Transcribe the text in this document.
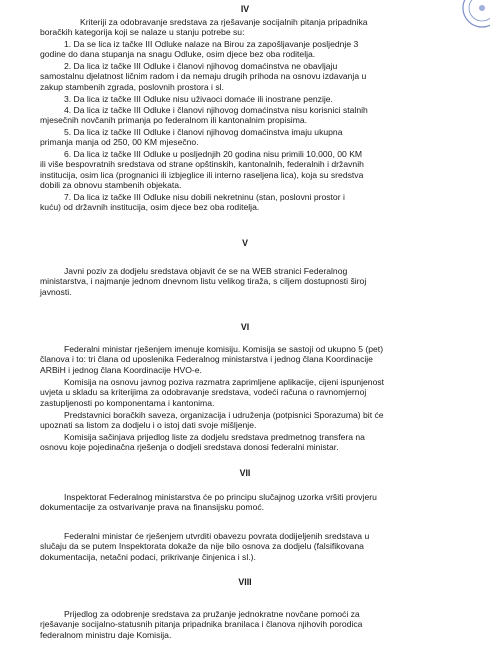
IV
Kriteriji za odobravanje sredstava za rješavanje socijalnih pitanja pripadnika
boračkih kategorija koji se nalaze u stanju potrebe su:
1. Da se lica iz tačke III Odluke nalaze na Birou za zapošljavanje posljednje 3
godine do dana stupanja na snagu Odluke, osim djece bez oba roditelja.
2. Da lica iz tačke III Odluke i članovi njihovog domaćinstva ne obavljaju
samostalnu djelatnost ličnim radom i da nemaju drugih prihoda na osnovu izdavanja u
zakup stambenih zgrada, poslovnih prostora i sl.
3. Da lica iz tačke III Odluke nisu uživaoci domaće ili inostrane penzije.
4. Da lica iz tačke III Odluke i članovi njihovog domaćinstva nisu korisnici stalnih
mjesečnih novčanih primanja po federalnom ili kantonalnim propisima.
5. Da lica iz tačke III Odluke i članovi njihovog domaćinstva imaju ukupna
primanja manja od 250, 00 KM mjesečno.
6. Da lica iz tačke III Odluke u posljednjih 20 godina nisu primili 10.000, 00 KM
ili više bespovratnih sredstava od strane opštinskih, kantonalnih, federalnih i državnih
institucija, osim lica (prognanici ili izbjeglice ili interno raseljena lica), koja su sredstva
dobili za obnovu stambenih objekata.
7. Da lica iz tačke III Odluke nisu dobili nekretninu (stan, poslovni prostor i
kuću) od državnih institucija, osim djece bez oba roditelja.
V
Javni poziv za dodjelu sredstava objavit će se na WEB stranici Federalnog
ministarstva, i najmanje jednom dnevnom listu velikog tiraža, s ciljem dostupnosti široj
javnosti.
VI
Federalni ministar rješenjem imenuje komisiju. Komisija se sastoji od ukupno 5 (pet)
članova i to: tri člana od uposlenika Federalnog ministarstva i jednog člana Koordinacije
ARBiH i jednog člana Koordinacije HVO-e.
Komisija na osnovu javnog poziva razmatra zaprimljene aplikacije, cijeni ispunjenost
uvjeta u skladu sa kriterijima za odobravanje sredstava, vodeći računa o ravnomjernoj
zastupljenosti po komponentama i kantonima.
Predstavnici boračkih saveza, organizacija i udruženja (potpisnici Sporazuma) bit će
upoznati sa listom za dodjelu i o istoj dati svoje mišljenje.
Komisija sačinjava prijedlog liste za dodjelu sredstava predmetnog transfera na
osnovu koje pojedinačna rješenja o dodjeli sredstava donosi federalni ministar.
VII
Inspektorat Federalnog ministarstva će po principu slučajnog uzorka vršiti provjeru
dokumentacije za ostvarivanje prava na finansijsku pomoć.
Federalni ministar će rješenjem utvrditi obavezu povrata dodijeljenih sredstava u
slučaju da se putem Inspektorata dokaže da nije bilo osnova za dodjelu (falsifikovana
dokumentacija, netačni podaci, prikrivanje činjenica i sl.).
VIII
Prijedlog za odobrenje sredstava za pružanje jednokratne novčane pomoći za
rješavanje socijalno-statusnih pitanja pripadnika branilaca i članova njihovih porodica
federalnom ministru daje Komisija.
